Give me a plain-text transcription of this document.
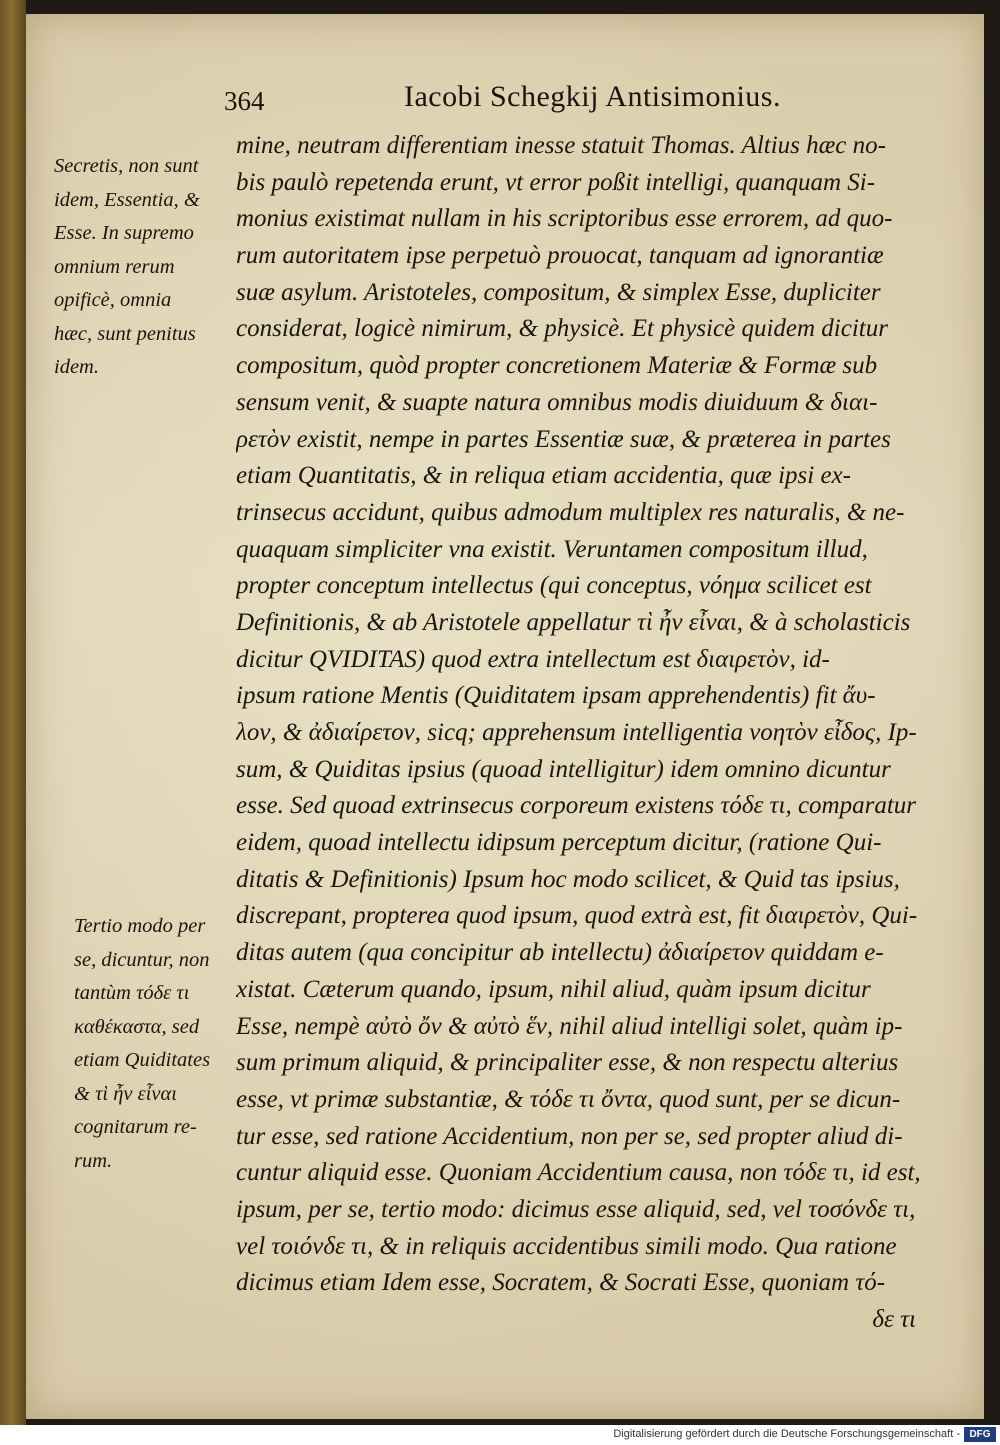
364	Iacobi Schegkij Antisimonius.
Secretis, non sunt
idem, Essentia, &
Esse. In supremo
omnium rerum
opificè, omnia
hæc, sunt penitus
idem.
Tertio modo per
se, dicuntur, non
tantùm τόδε τι
καθέκαστα, sed
etiam Quiditates
& τὶ ἦν εἶναι
cognitarum re-
rum.
mine, neutram differentiam inesse statuit Thomas. Altius hæc no-
bis paulò repetenda erunt, vt error poßit intelligi, quanquam Si-
monius existimat nullam in his scriptoribus esse errorem, ad quo-
rum autoritatem ipse perpetuò prouocat, tanquam ad ignorantiæ
suæ asylum. Aristoteles, compositum, & simplex Esse, dupliciter
considerat, logicè nimirum, & physicè. Et physicè quidem dicitur
compositum, quòd propter concretionem Materiæ & Formæ sub
sensum venit, & suapte natura omnibus modis diuiduum & διαι-
ρετὸν existit, nempe in partes Essentiæ suæ, & præterea in partes
etiam Quantitatis, & in reliqua etiam accidentia, quæ ipsi ex-
trinsecus accidunt, quibus admodum multiplex res naturalis, & ne-
quaquam simpliciter vna existit. Veruntamen compositum illud,
propter conceptum intellectus (qui conceptus, νόημα scilicet est
Definitionis, & ab Aristotele appellatur τὶ ἦν εἶναι, & à scholasticis
dicitur QVIDITAS) quod extra intellectum est διαιρετὸν, id-
ipsum ratione Mentis (Quiditatem ipsam apprehendentis) fit ἄυ-
λον, & ἀδιαίρετον, sicq; apprehensum intelligentia νοητὸν εἶδος, Ip-
sum, & Quiditas ipsius (quoad intelligitur) idem omnino dicuntur
esse. Sed quoad extrinsecus corporeum existens τόδε τι, comparatur
eidem, quoad intellectu idipsum perceptum dicitur, (ratione Qui-
ditatis & Definitionis) Ipsum hoc modo scilicet, & Quid tas ipsius,
discrepant, propterea quod ipsum, quod extrà est, fit διαιρετὸν, Qui-
ditas autem (qua concipitur ab intellectu) ἀδιαίρετον quiddam e-
xistat. Cæterum quando, ipsum, nihil aliud, quàm ipsum dicitur
Esse, nempè αὐτὸ ὄν & αὐτὸ ἕν, nihil aliud intelligi solet, quàm ip-
sum primum aliquid, & principaliter esse, & non respectu alterius
esse, vt primæ substantiæ, & τόδε τι ὄντα, quod sunt, per se dicun-
tur esse, sed ratione Accidentium, non per se, sed propter aliud di-
cuntur aliquid esse. Quoniam Accidentium causa, non τόδε τι, id est,
ipsum, per se, tertio modo: dicimus esse aliquid, sed, vel τοσόνδε τι,
vel τοιόνδε τι, & in reliquis accidentibus simili modo. Qua ratione
dicimus etiam Idem esse, Socratem, & Socrati Esse, quoniam τό-
δε τι
Digitalisierung gefördert durch die Deutsche Forschungsgemeinschaft - DFG
